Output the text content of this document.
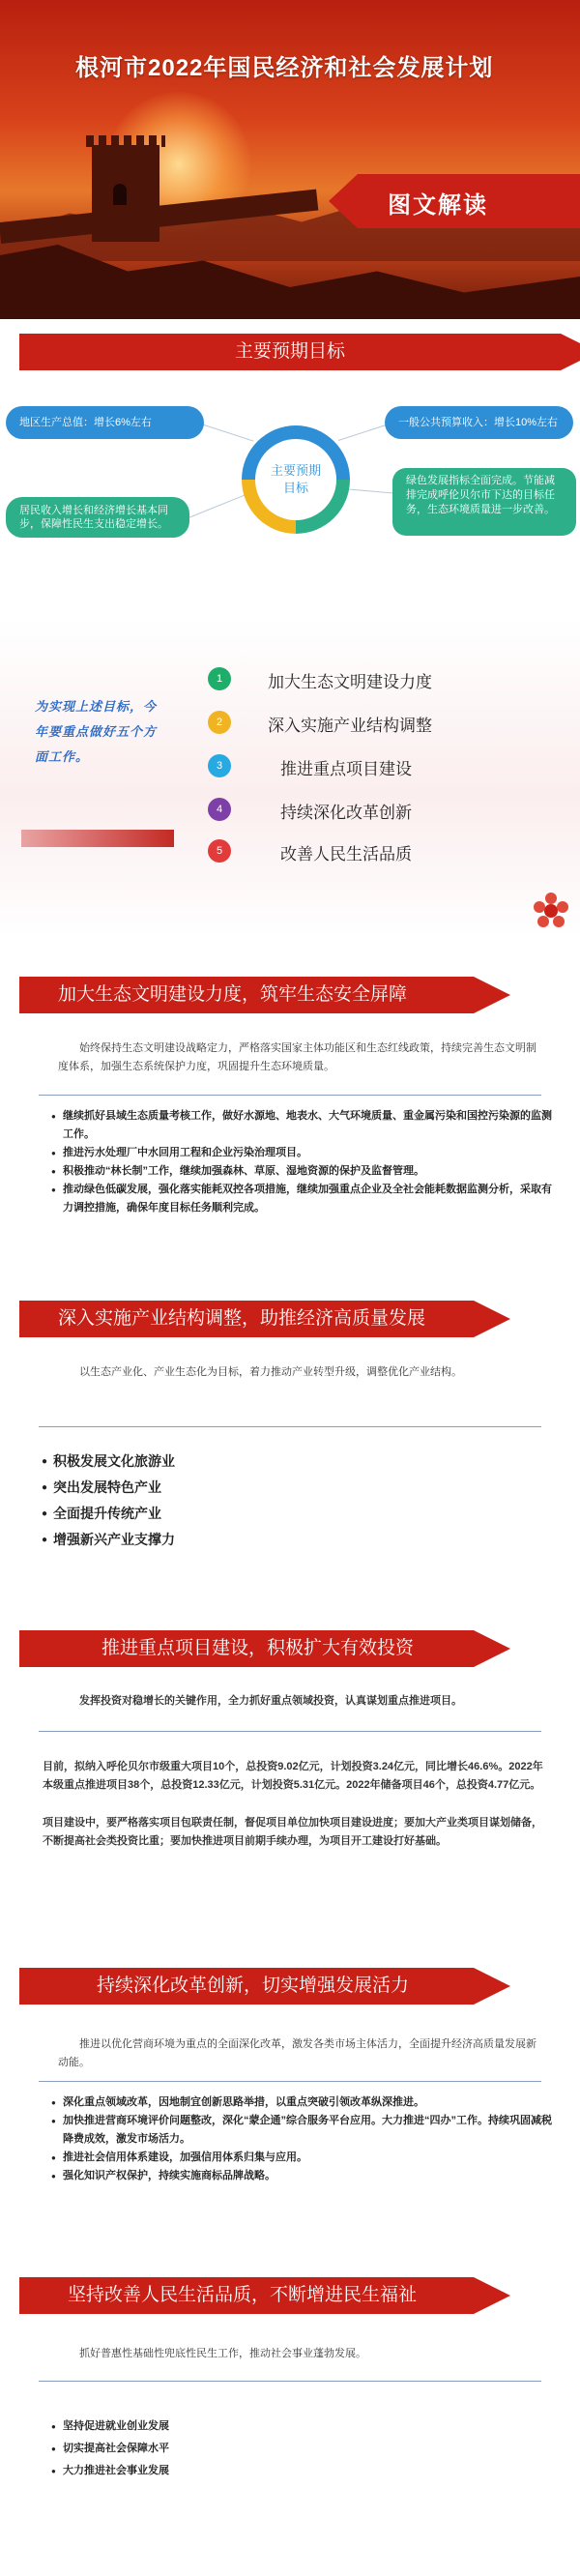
根河市2022年国民经济和社会发展计划
图文解读
主要预期目标
地区生产总值：增长6%左右	一般公共预算收入：增长10%左右
居民收入增长和经济增长基本同步，保障性民生支出稳定增长。
绿色发展指标全面完成。节能减排完成呼伦贝尔市下达的目标任务，生态环境质量进一步改善。
主要预期目标
为实现上述目标，今年要重点做好五个方面工作。
1	加大生态文明建设力度
2	深入实施产业结构调整
3	推进重点项目建设
4	持续深化改革创新
5	改善人民生活品质
加大生态文明建设力度，筑牢生态安全屏障
始终保持生态文明建设战略定力，严格落实国家主体功能区和生态红线政策，持续完善生态文明制度体系，加强生态系统保护力度，巩固提升生态环境质量。
● 继续抓好县域生态质量考核工作，做好水源地、地表水、大气环境质量、重金属污染和国控污染源的监测工作。
● 推进污水处理厂中水回用工程和企业污染治理项目。
● 积极推动“林长制”工作，继续加强森林、草原、湿地资源的保护及监督管理。
● 推动绿色低碳发展，强化落实能耗双控各项措施，继续加强重点企业及全社会能耗数据监测分析，采取有力调控措施，确保年度目标任务顺利完成。
深入实施产业结构调整，助推经济高质量发展
以生态产业化、产业生态化为目标，着力推动产业转型升级，调整优化产业结构。
● 积极发展文化旅游业
● 突出发展特色产业
● 全面提升传统产业
● 增强新兴产业支撑力
推进重点项目建设，积极扩大有效投资
发挥投资对稳增长的关键作用，全力抓好重点领域投资，认真谋划重点推进项目。
目前，拟纳入呼伦贝尔市级重大项目10个，总投资9.02亿元，计划投资3.24亿元，同比增长46.6%。2022年本级重点推进项目38个，总投资12.33亿元，计划投资5.31亿元。2022年储备项目46个，总投资4.77亿元。
项目建设中，要严格落实项目包联责任制，督促项目单位加快项目建设进度；要加大产业类项目谋划储备，不断提高社会类投资比重；要加快推进项目前期手续办理，为项目开工建设打好基础。
持续深化改革创新，切实增强发展活力
推进以优化营商环境为重点的全面深化改革，激发各类市场主体活力，全面提升经济高质量发展新动能。
● 深化重点领域改革，因地制宜创新思路举措，以重点突破引领改革纵深推进。
● 加快推进营商环境评价问题整改，深化“蒙企通”综合服务平台应用。大力推进“四办”工作。持续巩固减税降费成效，激发市场活力。
● 推进社会信用体系建设，加强信用体系归集与应用。
● 强化知识产权保护，持续实施商标品牌战略。
坚持改善人民生活品质，不断增进民生福祉
抓好普惠性基础性兜底性民生工作，推动社会事业蓬勃发展。
● 坚持促进就业创业发展
● 切实提高社会保障水平
● 大力推进社会事业发展
